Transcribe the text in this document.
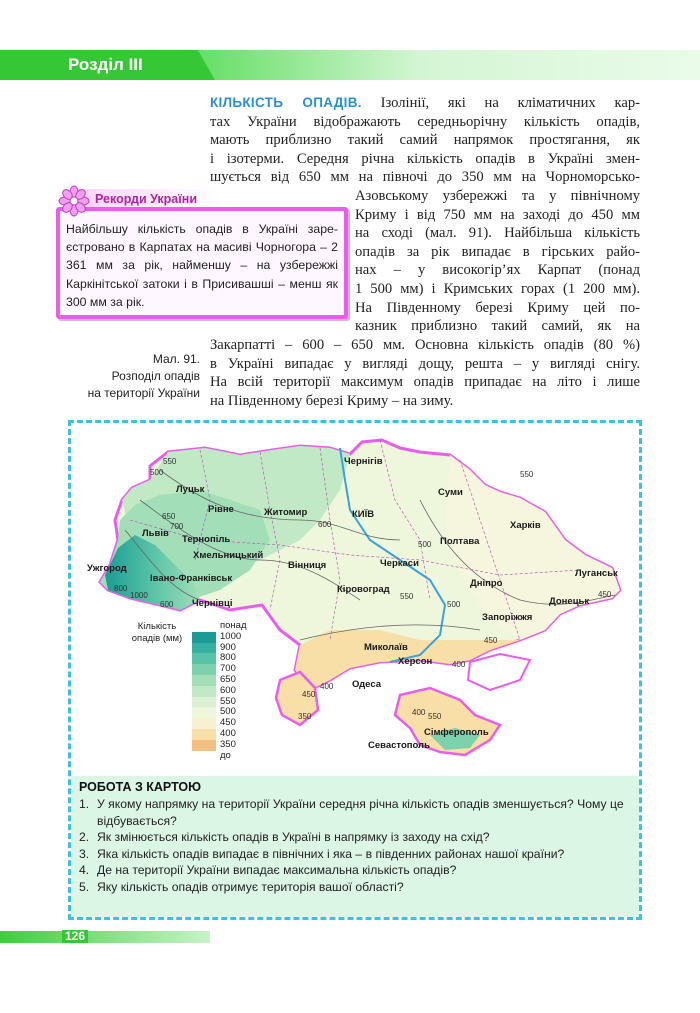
Розділ III
КІЛЬКІСТЬ ОПАДІВ. Ізолінії, які на кліматичних кар-
тах України відображають середньорічну кількість опадів,
мають приблизно такий самий напрямок простягання, як
і ізотерми. Середня річна кількість опадів в Україні змен-
шується від 650 мм на півночі до 350 мм на Чорноморсько-
Азовському узбережжі та у північному
Криму і від 750 мм на заході до 450 мм
на сході (мал. 91). Найбільша кількість
опадів за рік випадає в гірських райо-
нах – у високогір’ях Карпат (понад
1 500 мм) і Кримських горах (1 200 мм).
На Південному березі Криму цей по-
казник приблизно такий самий, як на
Закарпатті – 600 – 650 мм. Основна кількість опадів (80 %)
в Україні випадає у вигляді дощу, решта – у вигляді снігу.
На всій території максимум опадів припадає на літо і лише
на Південному березі Криму – на зиму.
Рекорди України
Найбільшу кількість опадів в Україні зареєстровано в Карпатах на масиві Чорногора – 2 361 мм за рік, найменшу – на узбережжі Каркінітської затоки і в Присивашші – менш як 300 мм за рік.
Мал. 91.
Розподіл опадів
на території України
Чернігів
Луцьк
Рівне	Житомир	КИЇВ
Суми
Харків
Полтава
Львів
Тернопіль
Хмельницький
Вінниця	Черкаси
Ужгород
Івано-Франківськ
Чернівці
Кіровоград
Дніпро
Луганськ
Донецьк
Запоріжжя
Миколаїв
Херсон
Одеса
Сімферополь
Севастополь
550
500
650
600
700
800
1000
600
550
500
450
550
500
450
400
450
400
350	400 550
Кількість
опадів (мм)
понад
1000
900
800
700
650
600
550
500
450
400
350
до
РОБОТА З КАРТОЮ
1. У якому напрямку на території України середня річна кількість опадів зменшується? Чому це відбувається?
2. Як змінюється кількість опадів в Україні в напрямку із заходу на схід?
3. Яка кількість опадів випадає в північних і яка – в південних районах нашої країни?
4. Де на території України випадає максимальна кількість опадів?
5. Яку кількість опадів отримує територія вашої області?
126
